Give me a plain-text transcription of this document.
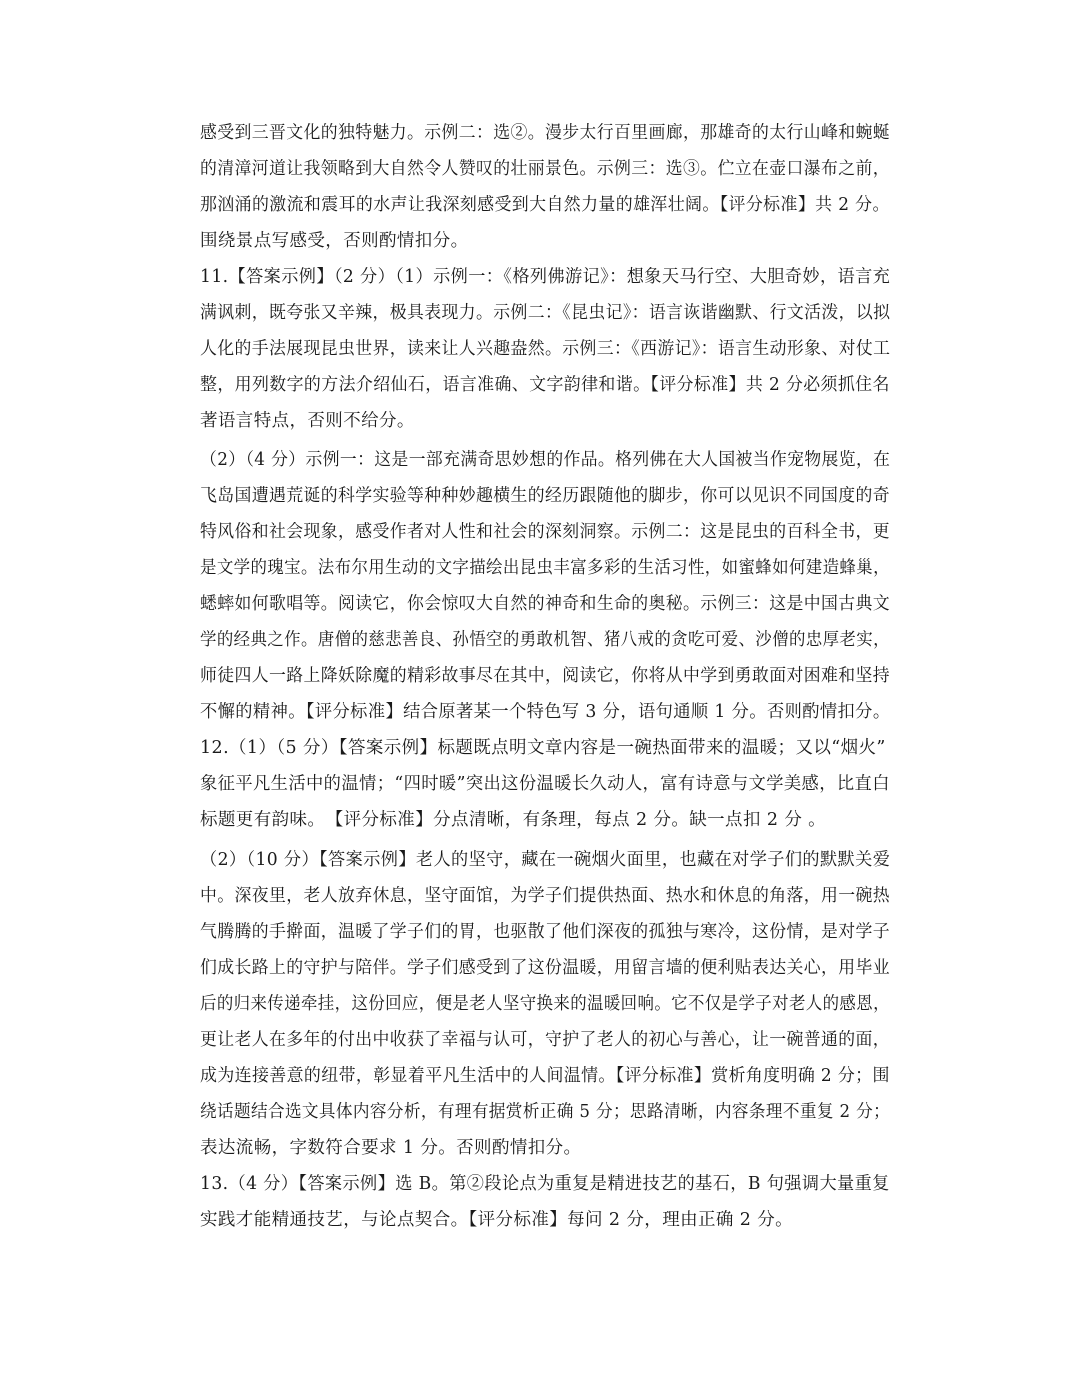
感受到三晋文化的独特魅力。示例二：选②。漫步太行百里画廊，那雄奇的太行山峰和蜿蜒
的清漳河道让我领略到大自然令人赞叹的壮丽景色。示例三：选③。伫立在壶口瀑布之前，
那汹涌的激流和震耳的水声让我深刻感受到大自然力量的雄浑壮阔。【评分标准】共 2 分。
围绕景点写感受，否则酌情扣分。
11.【答案示例】（2 分）（1）示例一：《格列佛游记》：想象天马行空、大胆奇妙，语言充
满讽刺，既夸张又辛辣，极具表现力。示例二：《昆虫记》：语言诙谐幽默、行文活泼，以拟
人化的手法展现昆虫世界，读来让人兴趣盎然。示例三：《西游记》：语言生动形象、对仗工
整，用列数字的方法介绍仙石，语言准确、文字韵律和谐。【评分标准】共 2 分必须抓住名
著语言特点，否则不给分。
（2）（4 分）示例一：这是一部充满奇思妙想的作品。格列佛在大人国被当作宠物展览，在
飞岛国遭遇荒诞的科学实验等种种妙趣横生的经历跟随他的脚步，你可以见识不同国度的奇
特风俗和社会现象，感受作者对人性和社会的深刻洞察。示例二：这是昆虫的百科全书，更
是文学的瑰宝。法布尔用生动的文字描绘出昆虫丰富多彩的生活习性，如蜜蜂如何建造蜂巢，
蟋蟀如何歌唱等。阅读它，你会惊叹大自然的神奇和生命的奥秘。示例三：这是中国古典文
学的经典之作。唐僧的慈悲善良、孙悟空的勇敢机智、猪八戒的贪吃可爱、沙僧的忠厚老实，
师徒四人一路上降妖除魔的精彩故事尽在其中，阅读它，你将从中学到勇敢面对困难和坚持
不懈的精神。【评分标准】结合原著某一个特色写 3 分，语句通顺 1 分。否则酌情扣分。
12.（1）（5 分）【答案示例】标题既点明文章内容是一碗热面带来的温暖；又以“烟火”
象征平凡生活中的温情；“四时暖”突出这份温暖长久动人，富有诗意与文学美感，比直白
标题更有韵味。　【评分标准】分点清晰，有条理，每点 2 分。缺一点扣 2 分 。
（2）（10 分）【答案示例】老人的坚守，藏在一碗烟火面里，也藏在对学子们的默默关爱
中。深夜里，老人放弃休息，坚守面馆，为学子们提供热面、热水和休息的角落，用一碗热
气腾腾的手擀面，温暖了学子们的胃，也驱散了他们深夜的孤独与寒冷，这份情，是对学子
们成长路上的守护与陪伴。学子们感受到了这份温暖，用留言墙的便利贴表达关心，用毕业
后的归来传递牵挂，这份回应，便是老人坚守换来的温暖回响。它不仅是学子对老人的感恩，
更让老人在多年的付出中收获了幸福与认可，守护了老人的初心与善心，让一碗普通的面，
成为连接善意的纽带，彰显着平凡生活中的人间温情。【评分标准】赏析角度明确 2 分；围
绕话题结合选文具体内容分析，有理有据赏析正确 5 分；思路清晰，内容条理不重复 2 分；
表达流畅，字数符合要求 1 分。否则酌情扣分。
13.（4 分）【答案示例】选 B。第②段论点为重复是精进技艺的基石，B 句强调大量重复
实践才能精通技艺，与论点契合。【评分标准】每问 2 分，理由正确 2 分。
